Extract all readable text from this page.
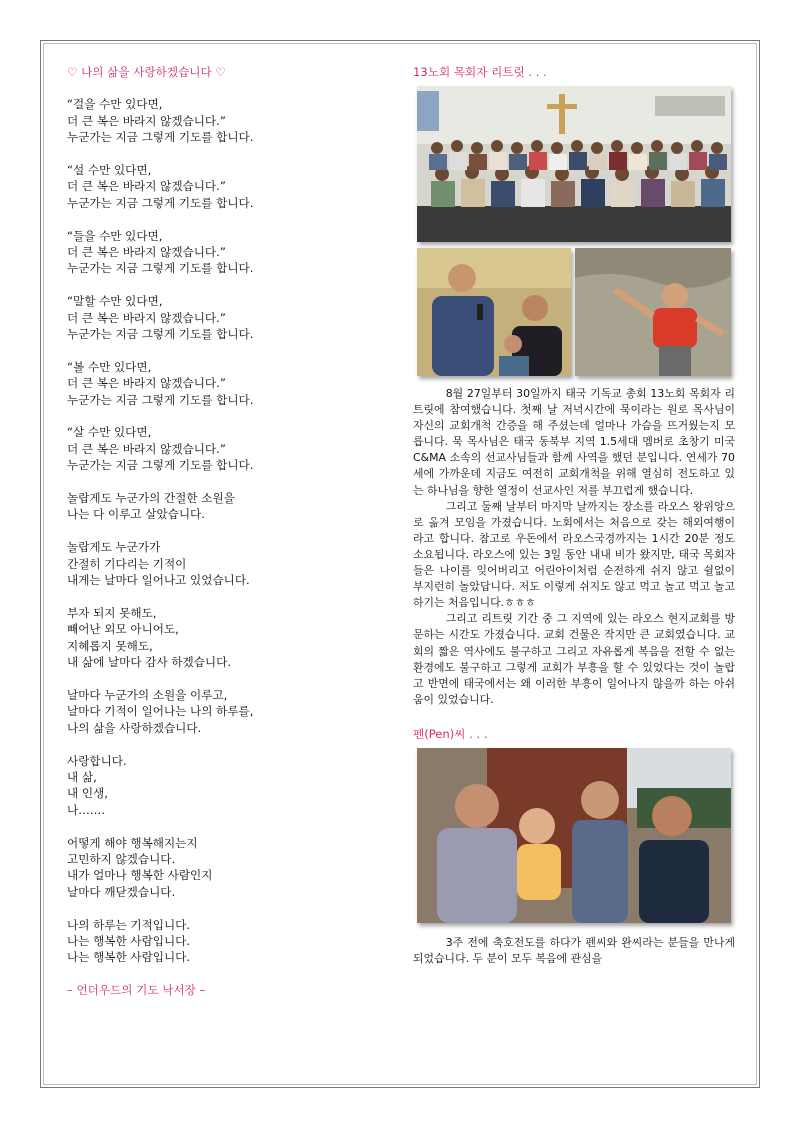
♡ 나의 삶을 사랑하겠습니다 ♡
“걸을 수만 있다면,
더 큰 복은 바라지 않겠습니다.”
누군가는 지금 그렇게 기도를 합니다.
“설 수만 있다면,
더 큰 복은 바라지 않겠습니다.”
누군가는 지금 그렇게 기도를 합니다.
“들을 수만 있다면,
더 큰 복은 바라지 않겠습니다.”
누군가는 지금 그렇게 기도를 합니다.
“말할 수만 있다면,
더 큰 복은 바라지 않겠습니다.”
누군가는 지금 그렇게 기도를 합니다.
“볼 수만 있다면,
더 큰 복은 바라지 않겠습니다.”
누군가는 지금 그렇게 기도를 합니다.
“살 수만 있다면,
더 큰 복은 바라지 않겠습니다.”
누군가는 지금 그렇게 기도를 합니다.
놀랍게도 누군가의 간절한 소원을
나는 다 이루고 살았습니다.
놀랍게도 누군가가
간절히 기다리는 기적이
내게는 날마다 일어나고 있었습니다.
부자 되지 못해도,
빼어난 외모 아니어도,
지혜롭지 못해도,
내 삶에 날마다 감사 하겠습니다.
날마다 누군가의 소원을 이루고,
날마다 기적이 일어나는 나의 하루를,
나의 삶을 사랑하겠습니다.
사랑합니다.
내 삶,
내 인생,
나…….
어떻게 해야 행복해지는지
고민하지 않겠습니다.
내가 얼마나 행복한 사람인지
날마다 깨닫겠습니다.
나의 하루는 기적입니다.
나는 행복한 사람입니다.
나는 행복한 사람입니다.
– 언더우드의 기도 낙서장 –
13노회 목회자 리트릿 . . .

8월 27일부터 30일까지 태국 기독교 총회 13노회 목회자 리트릿에 참여했습니다. 첫째 날 저녁시간에 묵이라는 원로 목사님이 자신의 교회개척 간증을 해 주셨는데 얼마나 가슴을 뜨거웠는지 모릅니다. 묵 목사님은 태국 동북부 지역 1.5세대 멤버로 초창기 미국 C&MA 소속의 선교사님들과 함께 사역을 했던 분입니다. 연세가 70세에 가까운데 지금도 여전히 교회개척을 위해 열심히 전도하고 있는 하나님을 향한 열정이 선교사인 저를 부끄럽게 했습니다.

그리고 둘째 날부터 마지막 날까지는 장소를 라오스 왕위앙으로 옮겨 모임을 가졌습니다. 노회에서는 처음으로 갖는 해외여행이라고 합니다. 참고로 우돈에서 라오스국경까지는 1시간 20분 정도 소요됩니다. 라오스에 있는 3일 동안 내내 비가 왔지만, 태국 목회자들은 나이를 잊어버리고 어린아이처럼 순전하게 쉬지 않고 쉴없이 부지런히 놀았답니다. 저도 이렇게 쉬지도 않고 먹고 놀고 먹고 놀고 하기는 처음입니다.ㅎㅎㅎ

그리고 리트릿 기간 중 그 지역에 있는 라오스 현지교회를 방문하는 시간도 가졌습니다. 교회 건물은 작지만 큰 교회였습니다. 교회의 짧은 역사에도 불구하고 그리고 자유롭게 복음을 전할 수 없는 환경에도 불구하고 그렇게 교회가 부흥을 할 수 있었다는 것이 놀랍고 반면에 태국에서는 왜 이러한 부흥이 일어나지 않을까 하는 아쉬움이 있었습니다.

펜(Pen)씨 . . .

3주 전에 축호전도를 하다가 펜씨와 완씨라는 분들을 만나게 되었습니다. 두 분이 모두 복음에 관심을
